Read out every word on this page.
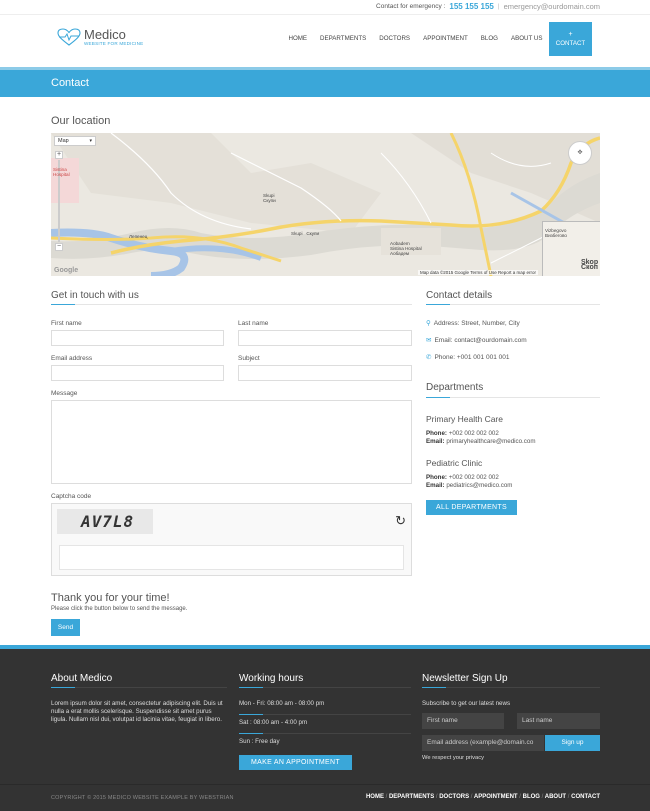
Contact for emergency : 155 155 155 | emergency@ourdomain.com
Medico
WEBSITE FOR MEDICINE
HOME	DEPARTMENTS	DOCTORS	APPOINTMENT	BLOG	ABOUT US
+
CONTACT
Contact
Our location
Map	▾
+
−
✥
Sistina
Hospital
Skupi
Скупи
Aobadem
Sistina Hospital
Аобадем
Лепенец
Skupi   Скупи
Vizbegovo
Визбегово
Skop
Скоп
Google	Map data ©2015 Google Terms of Use Report a map error
Get in touch with us
First name	Last name
Email address	Subject
Message
Captcha code
AV7L8	↻
Thank you for your time!
Please click the button below to send the message.
Send
Contact details
⚲ Address: Street, Number, City
✉ Email: contact@ourdomain.com
✆ Phone: +001 001 001 001
Departments
Primary Health Care
Phone: +002 002 002 002
Email: primaryhealthcare@medico.com
Pediatric Clinic
Phone: +002 002 002 002
Email: pediatrics@medico.com
ALL DEPARTMENTS
About Medico
Lorem ipsum dolor sit amet, consectetur adipiscing elit. Duis ut nulla a erat mollis scelerisque. Suspendisse sit amet purus ligula. Nullam nisl dui, volutpat id lacinia vitae, feugiat in libero.
Working hours
Mon - Fri: 08:00 am - 08:00 pm
Sat : 08:00 am - 4:00 pm
Sun : Free day
MAKE AN APPOINTMENT
Newsletter Sign Up
Subscribe to get our latest news
First name	Last name
Email address (example@domain.co	Sign up
We respect your privacy
COPYRIGHT © 2015 MEDICO WEBSITE EXAMPLE BY WEBSTRIAN	HOME / DEPARTMENTS / DOCTORS / APPOINTMENT / BLOG / ABOUT / CONTACT
